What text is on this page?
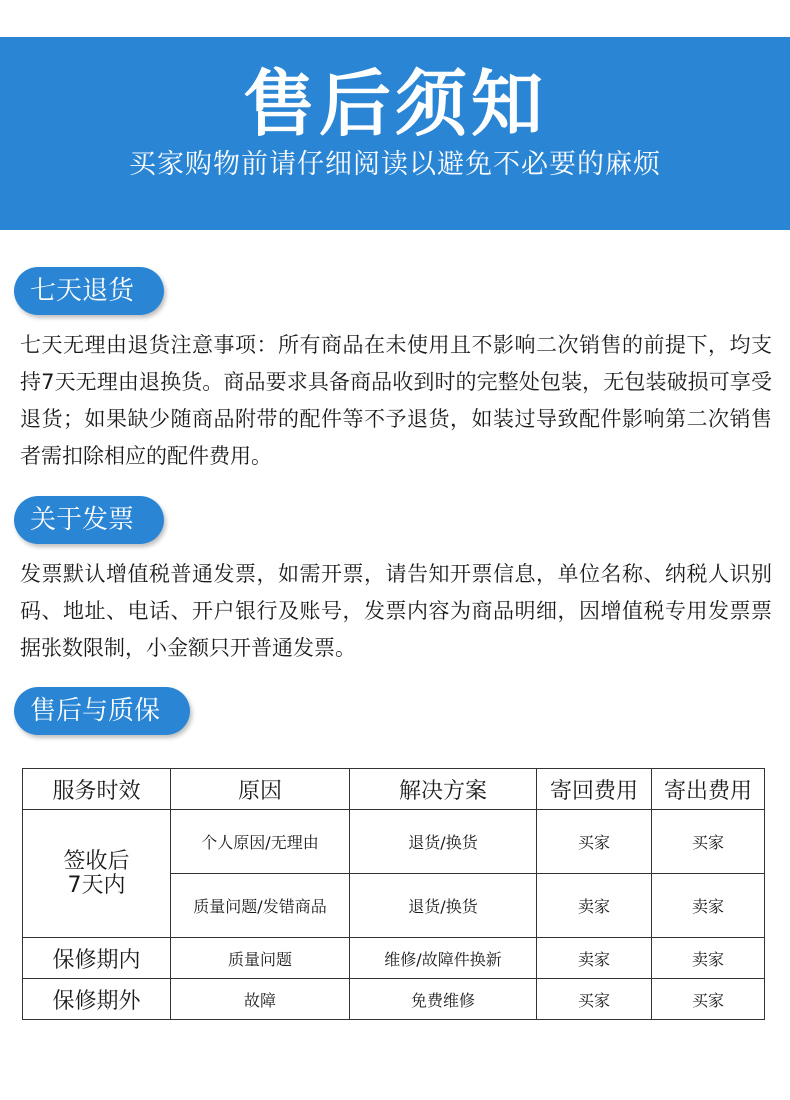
售后须知
买家购物前请仔细阅读以避免不必要的麻烦
七天退货
七天无理由退货注意事项：所有商品在未使用且不影响二次销售的前提下，均支持7天无理由退换货。商品要求具备商品收到时的完整处包装，无包装破损可享受退货；如果缺少随商品附带的配件等不予退货，如装过导致配件影响第二次销售者需扣除相应的配件费用。
关于发票
发票默认增值税普通发票，如需开票，请告知开票信息，单位名称、纳税人识别码、地址、电话、开户银行及账号，发票内容为商品明细，因增值税专用发票票据张数限制，小金额只开普通发票。
售后与质保
服务时效	原因	解决方案	寄回费用	寄出费用

签收后
7天内	个人原因/无理由	退货/换货	买家	买家
	质量问题/发错商品	退货/换货	卖家	卖家
保修期内	质量问题	维修/故障件换新	卖家	卖家
保修期外	故障	免费维修	买家	买家
